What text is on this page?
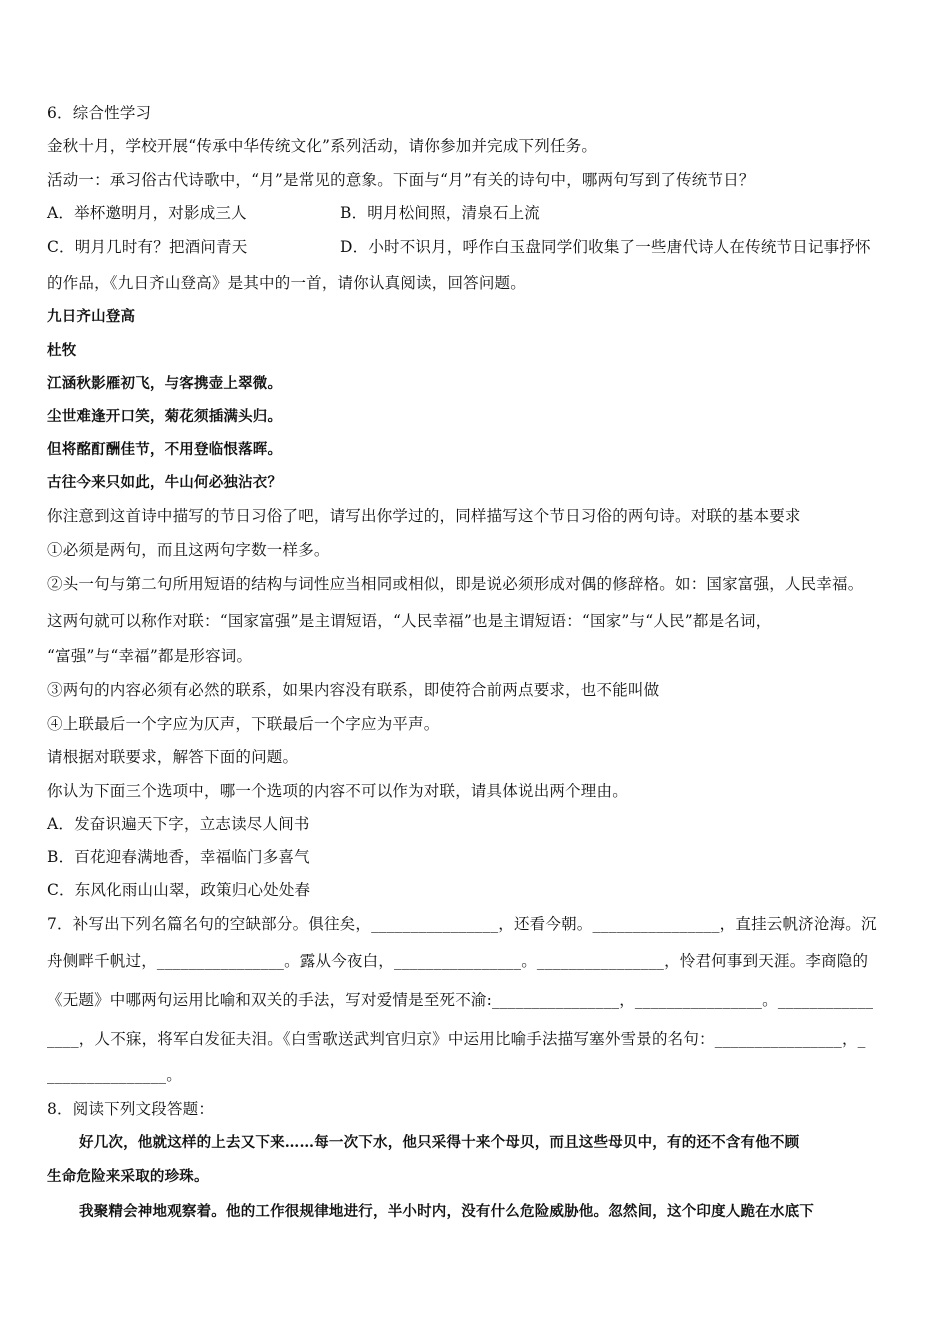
6．综合性学习
金秋十月，学校开展“传承中华传统文化”系列活动，请你参加并完成下列任务。
活动一：承习俗古代诗歌中，“月”是常见的意象。下面与“月”有关的诗句中，哪两句写到了传统节日？
A．举杯邀明月，对影成三人	B．明月松间照，清泉石上流
C．明月几时有？把酒问青天	D．小时不识月，呼作白玉盘同学们收集了一些唐代诗人在传统节日记事抒怀
的作品，《九日齐山登高》是其中的一首，请你认真阅读，回答问题。
九日齐山登高
杜牧
江涵秋影雁初飞，与客携壶上翠微。
尘世难逢开口笑，菊花须插满头归。
但将酩酊酬佳节，不用登临恨落晖。
古往今来只如此，牛山何必独沾衣？
你注意到这首诗中描写的节日习俗了吧，请写出你学过的，同样描写这个节日习俗的两句诗。对联的基本要求
①必须是两句，而且这两句字数一样多。
②头一句与第二句所用短语的结构与词性应当相同或相似，即是说必须形成对偶的修辞格。如：国家富强，人民幸福。
这两句就可以称作对联：“国家富强”是主谓短语，“人民幸福”也是主谓短语：“国家”与“人民”都是名词，
“富强”与“幸福”都是形容词。
③两句的内容必须有必然的联系，如果内容没有联系，即使符合前两点要求，也不能叫做
④上联最后一个字应为仄声，下联最后一个字应为平声。
请根据对联要求，解答下面的问题。
你认为下面三个选项中，哪一个选项的内容不可以作为对联，请具体说出两个理由。
A．发奋识遍天下字，立志读尽人间书
B．百花迎春满地香，幸福临门多喜气
C．东风化雨山山翠，政策归心处处春
7．补写出下列名篇名句的空缺部分。俱往矣，________________，还看今朝。________________，直挂云帆济沧海。沉
舟侧畔千帆过，________________。露从今夜白，________________。________________，怜君何事到天涯。李商隐的
《无题》中哪两句运用比喻和双关的手法，写对爱情是至死不渝:________________，________________。____________
____，人不寐，将军白发征夫泪。《白雪歌送武判官归京》中运用比喻手法描写塞外雪景的名句：________________，_
_______________。
8．阅读下列文段答题：
好几次，他就这样的上去又下来……每一次下水，他只采得十来个母贝，而且这些母贝中，有的还不含有他不顾
生命危险来采取的珍珠。
我聚精会神地观察着。他的工作很规律地进行，半小时内，没有什么危险威胁他。忽然间，这个印度人跪在水底下
